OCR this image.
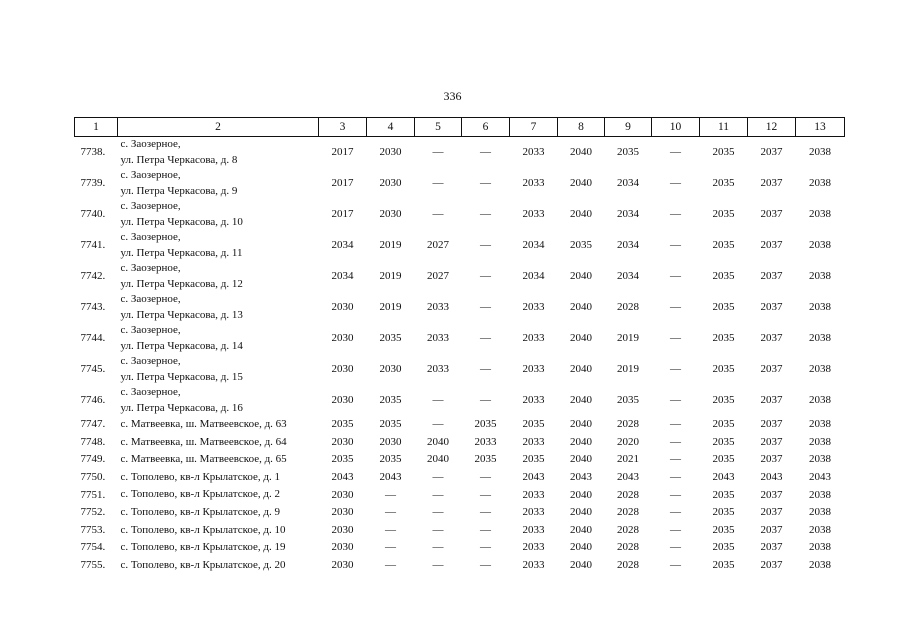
336
1	2	3	4	5	6	7	8	9	10	11	12	13
7738.	с. Заозерное,
ул. Петра Черкасова, д. 8	2017	2030	—	—	2033	2040	2035	—	2035	2037	2038
7739.	с. Заозерное,
ул. Петра Черкасова, д. 9	2017	2030	—	—	2033	2040	2034	—	2035	2037	2038
7740.	с. Заозерное,
ул. Петра Черкасова, д. 10	2017	2030	—	—	2033	2040	2034	—	2035	2037	2038
7741.	с. Заозерное,
ул. Петра Черкасова, д. 11	2034	2019	2027	—	2034	2035	2034	—	2035	2037	2038
7742.	с. Заозерное,
ул. Петра Черкасова, д. 12	2034	2019	2027	—	2034	2040	2034	—	2035	2037	2038
7743.	с. Заозерное,
ул. Петра Черкасова, д. 13	2030	2019	2033	—	2033	2040	2028	—	2035	2037	2038
7744.	с. Заозерное,
ул. Петра Черкасова, д. 14	2030	2035	2033	—	2033	2040	2019	—	2035	2037	2038
7745.	с. Заозерное,
ул. Петра Черкасова, д. 15	2030	2030	2033	—	2033	2040	2019	—	2035	2037	2038
7746.	с. Заозерное,
ул. Петра Черкасова, д. 16	2030	2035	—	—	2033	2040	2035	—	2035	2037	2038
7747.	с. Матвеевка, ш. Матвеевское, д. 63	2035	2035	—	2035	2035	2040	2028	—	2035	2037	2038
7748.	с. Матвеевка, ш. Матвеевское, д. 64	2030	2030	2040	2033	2033	2040	2020	—	2035	2037	2038
7749.	с. Матвеевка, ш. Матвеевское, д. 65	2035	2035	2040	2035	2035	2040	2021	—	2035	2037	2038
7750.	с. Тополево, кв-л Крылатское, д. 1	2043	2043	—	—	2043	2043	2043	—	2043	2043	2043
7751.	с. Тополево, кв-л Крылатское, д. 2	2030	—	—	—	2033	2040	2028	—	2035	2037	2038
7752.	с. Тополево, кв-л Крылатское, д. 9	2030	—	—	—	2033	2040	2028	—	2035	2037	2038
7753.	с. Тополево, кв-л Крылатское, д. 10	2030	—	—	—	2033	2040	2028	—	2035	2037	2038
7754.	с. Тополево, кв-л Крылатское, д. 19	2030	—	—	—	2033	2040	2028	—	2035	2037	2038
7755.	с. Тополево, кв-л Крылатское, д. 20	2030	—	—	—	2033	2040	2028	—	2035	2037	2038
